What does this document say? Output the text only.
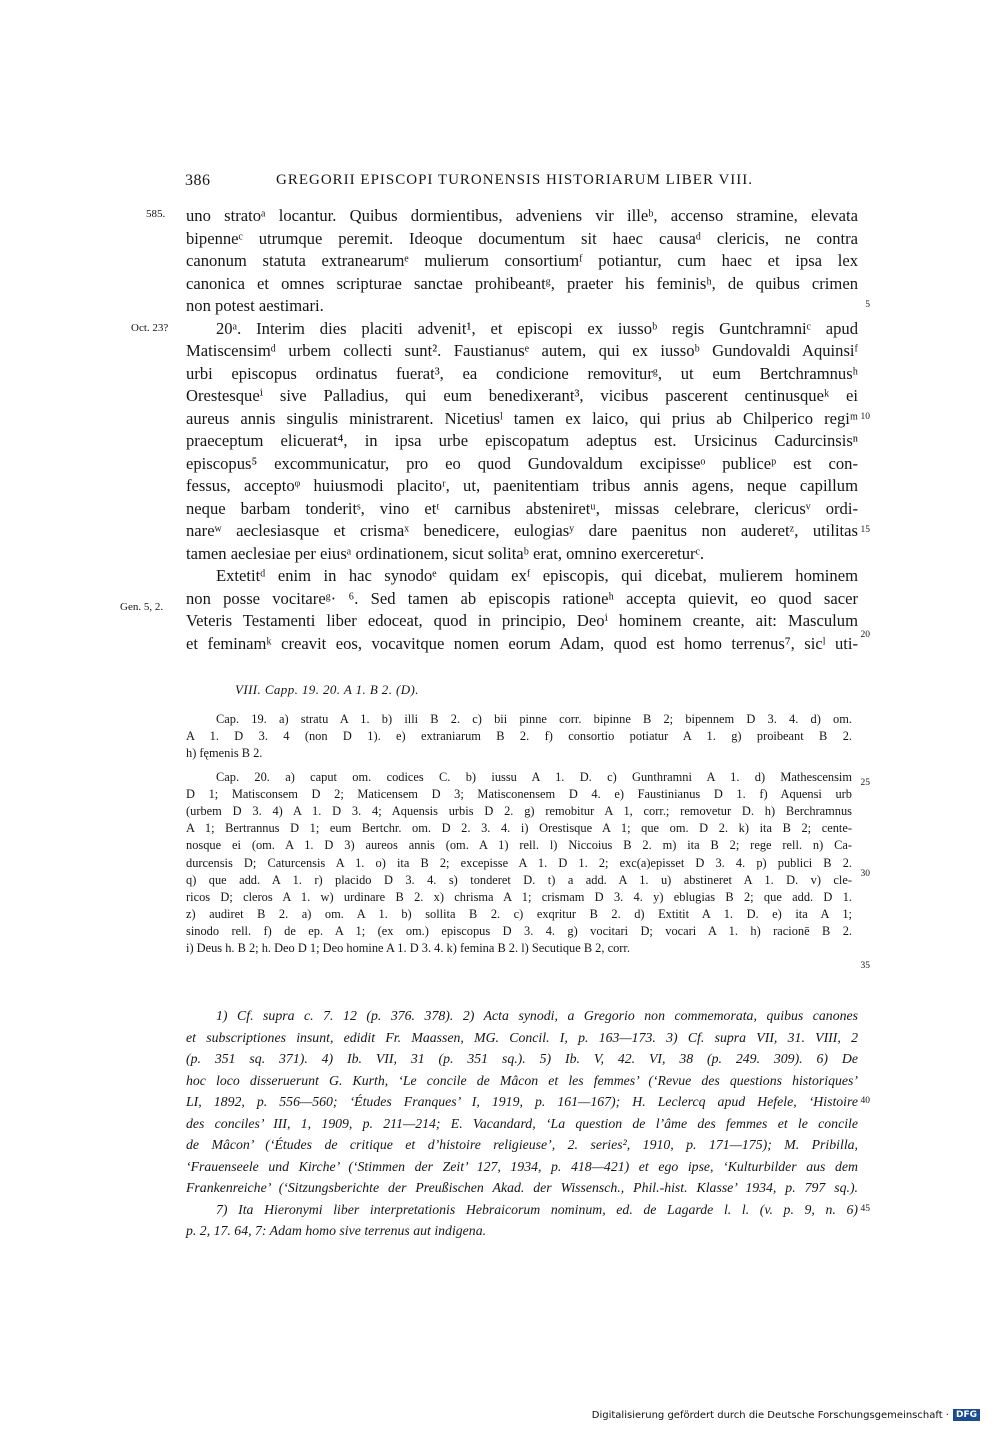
386	GREGORII EPISCOPI TURONENSIS HISTORIARUM LIBER VIII.
585.
Oct. 23?
Gen. 5, 2.
5
10
15
20
25
30
35
40
45
uno stratoᵃ locantur. Quibus dormientibus, adveniens vir illeᵇ, accenso stramine, elevata
bipenneᶜ utrumque peremit. Ideoque documentum sit haec causaᵈ clericis, ne contra
canonum statuta extranearumᵉ mulierum consortiumᶠ potiantur, cum haec et ipsa lex
canonica et omnes scripturae sanctae prohibeantᵍ, praeter his feminisʰ, de quibus crimen
non potest aestimari.
20ᵃ. Interim dies placiti advenit¹, et episcopi ex iussoᵇ regis Guntchramniᶜ apud
Matiscensimᵈ urbem collecti sunt². Faustianusᵉ autem, qui ex iussoᵇ Gundovaldi Aquinsiᶠ
urbi episcopus ordinatus fuerat³, ea condicione removiturᵍ, ut eum Bertchramnusʰ
Orestesqueⁱ sive Palladius, qui eum benedixerant³, vicibus pascerent centinusqueᵏ ei
aureus annis singulis ministrarent. Nicetiusˡ tamen ex laico, qui prius ab Chilperico regiᵐ
praeceptum elicuerat⁴, in ipsa urbe episcopatum adeptus est. Ursicinus Cadurcinsisⁿ
episcopus⁵ excommunicatur, pro eo quod Gundovaldum excipisseᵒ publiceᵖ est con-
fessus, acceptoᵠ huiusmodi placitoʳ, ut, paenitentiam tribus annis agens, neque capillum
neque barbam tonderitˢ, vino etᵗ carnibus absteniretᵘ, missas celebrare, clericusᵛ ordi-
nareʷ aeclesiasque et crismaˣ benedicere, eulogiasʸ dare paenitus non auderetᶻ, utilitas
tamen aeclesiae per eiusᵃ ordinationem, sicut solitaᵇ erat, omnino exercereturᶜ.
Extetitᵈ enim in hac synodoᵉ quidam exᶠ episcopis, qui dicebat, mulierem hominem
non posse vocitareᵍ· ⁶. Sed tamen ab episcopis rationeʰ accepta quievit, eo quod sacer
Veteris Testamenti liber edoceat, quod in principio, Deoⁱ hominem creante, ait: Masculum
et feminamᵏ creavit eos, vocavitque nomen eorum Adam, quod est homo terrenus⁷, sicˡ uti-
VIII. Capp. 19. 20. A 1. B 2. (D).
Cap. 19. a) stratu A 1. b) illi B 2. c) bii pinne corr. bipinne B 2; bipennem D 3. 4. d) om.
A 1. D 3. 4 (non D 1). e) extraniarum B 2. f) consortio potiatur A 1. g) proibeant B 2.
h) fęmenis B 2.
Cap. 20. a) caput om. codices C. b) iussu A 1. D. c) Gunthramni A 1. d) Mathescensim
D 1; Matisconsem D 2; Maticensem D 3; Matisconensem D 4. e) Faustinianus D 1. f) Aquensi urb
(urbem D 3. 4) A 1. D 3. 4; Aquensis urbis D 2. g) remobitur A 1, corr.; removetur D. h) Berchramnus
A 1; Bertrannus D 1; eum Bertchr. om. D 2. 3. 4. i) Orestisque A 1; que om. D 2. k) ita B 2; cente-
nosque ei (om. A 1. D 3) aureos annis (om. A 1) rell. l) Niccoius B 2. m) ita B 2; rege rell. n) Ca-
durcensis D; Caturcensis A 1. o) ita B 2; excepisse A 1. D 1. 2; exc(a)episset D 3. 4. p) publici B 2.
q) que add. A 1. r) placido D 3. 4. s) tonderet D. t) a add. A 1. u) abstineret A 1. D. v) cle-
ricos D; cleros A 1. w) urdinare B 2. x) chrisma A 1; crismam D 3. 4. y) eblugias B 2; que add. D 1.
z) audiret B 2. a) om. A 1. b) sollita B 2. c) exqritur B 2. d) Extitit A 1. D. e) ita A 1;
sinodo rell. f) de ep. A 1; (ex om.) episcopus D 3. 4. g) vocitari D; vocari A 1. h) racionē B 2.
i) Deus h. B 2; h. Deo D 1; Deo homine A 1. D 3. 4. k) femina B 2. l) Secutique B 2, corr.
1) Cf. supra c. 7. 12 (p. 376. 378). 2) Acta synodi, a Gregorio non commemorata, quibus canones
et subscriptiones insunt, edidit Fr. Maassen, MG. Concil. I, p. 163—173. 3) Cf. supra VII, 31. VIII, 2
(p. 351 sq. 371). 4) Ib. VII, 31 (p. 351 sq.). 5) Ib. V, 42. VI, 38 (p. 249. 309). 6) De
hoc loco disseruerunt G. Kurth, ‘Le concile de Mâcon et les femmes’ (‘Revue des questions historiques’
LI, 1892, p. 556—560; ‘Études Franques’ I, 1919, p. 161—167); H. Leclercq apud Hefele, ‘Histoire
des conciles’ III, 1, 1909, p. 211—214; E. Vacandard, ‘La question de l’âme des femmes et le concile
de Mâcon’ (‘Études de critique et d’histoire religieuse’, 2. series², 1910, p. 171—175); M. Pribilla,
‘Frauenseele und Kirche’ (‘Stimmen der Zeit’ 127, 1934, p. 418—421) et ego ipse, ‘Kulturbilder aus dem
Frankenreiche’ (‘Sitzungsberichte der Preußischen Akad. der Wissensch., Phil.-hist. Klasse’ 1934, p. 797 sq.).
7) Ita Hieronymi liber interpretationis Hebraicorum nominum, ed. de Lagarde l. l. (v. p. 9, n. 6)
p. 2, 17. 64, 7: Adam homo sive terrenus aut indigena.
Digitalisierung gefördert durch die Deutsche Forschungsgemeinschaft · DFG
